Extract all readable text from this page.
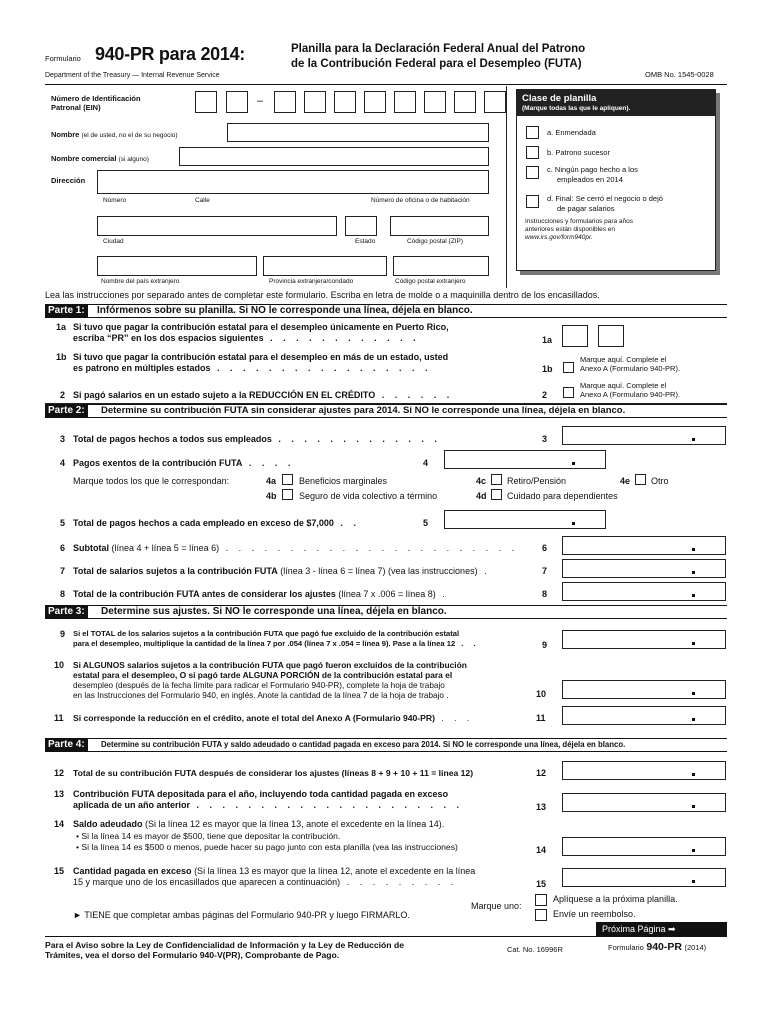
Formulario 940-PR para 2014:	Planilla para la Declaración Federal Anual del Patrono
de la Contribución Federal para el Desempleo (FUTA)
Department of the Treasury — Internal Revenue Service	OMB No. 1545-0028
Número de Identificación
Patronal (EIN)
–
Nombre (el de usted, no el de su negocio)
Nombre comercial (si alguno)
Dirección
Número	Calle	Número de oficina o de habitación
Ciudad	Estado	Código postal (ZIP)
Nombre del país extranjero	Provincia extranjera/condado	Código postal extranjero
Clase de planilla
(Marque todas las que le apliquen).
a. Enmendada
b. Patrono sucesor
c. Ningún pago hecho a los
empleados en 2014
d. Final: Se cerró el negocio o dejó
de pagar salarios
Instrucciones y formularios para años
anteriores están disponibles en
www.irs.gov/form940pr.
Lea las instrucciones por separado antes de completar este formulario. Escriba en letra de molde o a maquinilla dentro de los encasillados.
Parte 1:	Infórmenos sobre su planilla. Si NO le corresponde una línea, déjela en blanco.
1a Si tuvo que pagar la contribución estatal para el desempleo únicamente en Puerto Rico,
escriba “PR” en los dos espacios siguientes . . . . . . . . . . . .	1a
1b Si tuvo que pagar la contribución estatal para el desempleo en más de un estado, usted
es patrono en múltiples estados . . . . . . . . . . . . . . . . .	1b
Marque aquí. Complete el
Anexo A (Formulario 940-PR).
2 Si pagó salarios en un estado sujeto a la REDUCCIÓN EN EL CRÉDITO . . . . . .	2
Marque aquí. Complete el
Anexo A (Formulario 940-PR).
Parte 2:	Determine su contribución FUTA sin considerar ajustes para 2014. Si NO le corresponde una línea, déjela en blanco.
3 Total de pagos hechos a todos sus empleados . . . . . . . . . . . . .	3
4 Pagos exentos de la contribución FUTA . . . .	4
Marque todos los que le correspondan:	4a	Beneficios marginales
4b Seguro de vida colectivo a término
4c Retiro/Pensión
4d Cuidado para dependientes
4e Otro
5 Total de pagos hechos a cada empleado en exceso de $7,000 . .	5
6 Subtotal (línea 4 + línea 5 = línea 6) . . . . . . . . . . . . . . . . . . . . . . .	6
7 Total de salarios sujetos a la contribución FUTA (línea 3 - línea 6 = línea 7) (vea las instrucciones) .	7
8 Total de la contribución FUTA antes de considerar los ajustes (línea 7 x .006 = línea 8) .	8
Parte 3:	Determine sus ajustes. Si NO le corresponde una línea, déjela en blanco.
9 Si el TOTAL de los salarios sujetos a la contribución FUTA que pagó fue excluido de la contribución estatal
para el desempleo, multiplique la cantidad de la línea 7 por .054 (línea 7 x .054 = línea 9). Pase a la línea 12 . .	9
10 Si ALGUNOS salarios sujetos a la contribución FUTA que pagó fueron excluidos de la contribución
estatal para el desempleo, O si pagó tarde ALGUNA PORCIÓN de la contribución estatal para el
desempleo (después de la fecha límite para radicar el Formulario 940-PR), complete la hoja de trabajo
en las Instrucciones del Formulario 940, en inglés. Anote la cantidad de la línea 7 de la hoja de trabajo .	10
11 Si corresponde la reducción en el crédito, anote el total del Anexo A (Formulario 940-PR) . . .	11
Parte 4:	Determine su contribución FUTA y saldo adeudado o cantidad pagada en exceso para 2014. Si NO le corresponde una línea, déjela en blanco.
12 Total de su contribución FUTA después de considerar los ajustes (líneas 8 + 9 + 10 + 11 = línea 12)	12
13 Contribución FUTA depositada para el año, incluyendo toda cantidad pagada en exceso
aplicada de un año anterior . . . . . . . . . . . . . . . . . . . . .	13
14 Saldo adeudado (Si la línea 12 es mayor que la línea 13, anote el excedente en la línea 14).
• Si la línea 14 es mayor de $500, tiene que depositar la contribución.
• Si la línea 14 es $500 o menos, puede hacer su pago junto con esta planilla (vea las instrucciones)	14
15 Cantidad pagada en exceso (Si la línea 13 es mayor que la línea 12, anote el excedente en la línea
15 y marque uno de los encasillados que aparecen a continuación) . . . . . . . . .	15
► TIENE que completar ambas páginas del Formulario 940-PR y luego FIRMARLO.
Marque uno:
Aplíquese a la próxima planilla.
Envíe un reembolso.
Próxima Página ➡
Para el Aviso sobre la Ley de Confidencialidad de Información y la Ley de Reducción de
Trámites, vea el dorso del Formulario 940-V(PR), Comprobante de Pago.
Cat. No. 16996R	Formulario 940-PR (2014)
